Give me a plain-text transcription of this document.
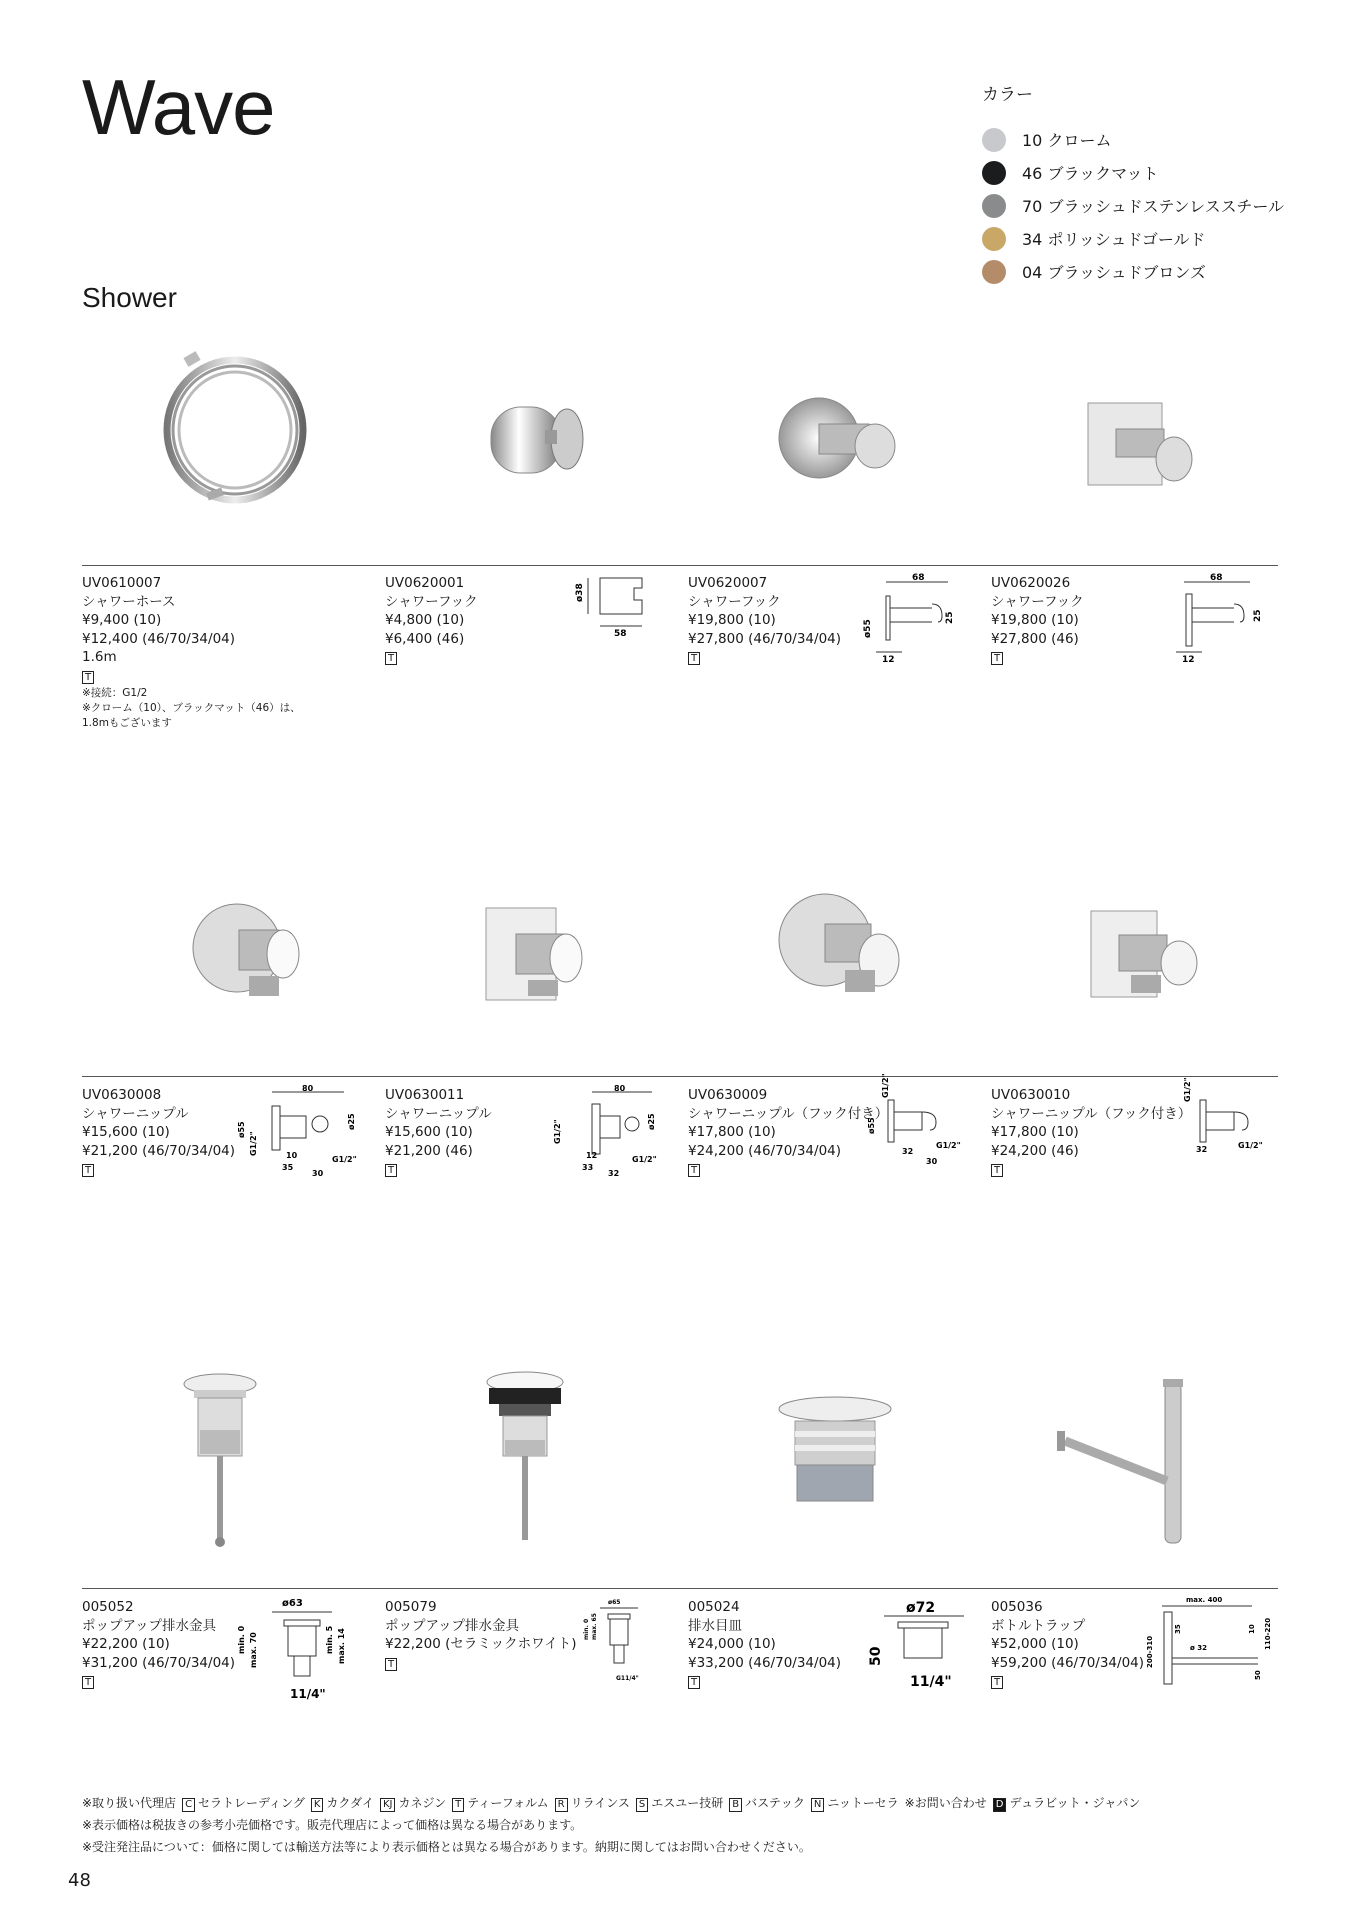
Wave
Shower
カラー
10 クローム
46 ブラックマット
70 ブラッシュドステンレススチール
34 ポリッシュドゴールド
04 ブラッシュドブロンズ
UV0610007
シャワーホース
¥9,400 (10)
¥12,400 (46/70/34/04)
1.6m
T
※接続：G1/2
※クローム（10）、ブラックマット（46）は、
1.8mもございます
UV0620001
シャワーフック
¥4,800 (10)
¥6,400 (46)
T
UV0620007
シャワーフック
¥19,800 (10)
¥27,800 (46/70/34/04)
T
UV0620026
シャワーフック
¥19,800 (10)
¥27,800 (46)
T
UV0630008
シャワーニップル
¥15,600 (10)
¥21,200 (46/70/34/04)
T
UV0630011
シャワーニップル
¥15,600 (10)
¥21,200 (46)
T
UV0630009
シャワーニップル（フック付き）
¥17,800 (10)
¥24,200 (46/70/34/04)
T
UV0630010
シャワーニップル（フック付き）
¥17,800 (10)
¥24,200 (46)
T
005052
ポップアップ排水金具
¥22,200 (10)
¥31,200 (46/70/34/04)
T
005079
ポップアップ排水金具
¥22,200 (セラミックホワイト)
T
005024
排水目皿
¥24,000 (10)
¥33,200 (46/70/34/04)
T
005036
ボトルトラップ
¥52,000 (10)
¥59,200 (46/70/34/04)
T
ø38
58
68
ø55
25
12
68
25
12
80
ø55	ø25
G1/2"	10
35
30
G1/2"
80
ø25
G1/2"
12
33
32
G1/2"
ø55
G1/2"
32
30
G1/2"
G1/2"
32	G1/2"
ø63
min. 0 max. 70	min. 5 max. 14
11/4"
ø65
min. 0 max. 65
G11/4"
ø72
50
11/4"
max. 400
200-310
35
ø 32
10 110-220
50
※取り扱い代理店 C セラトレーディング K カクダイ KJ カネジン T ティーフォルム R リラインス S エスユー技研 B バステック N ニットーセラ ※お問い合わせ D デュラビット・ジャパン
※表示価格は税抜きの参考小売価格です。販売代理店によって価格は異なる場合があります。
※受注発注品について：価格に関しては輸送方法等により表示価格とは異なる場合があります。納期に関してはお問い合わせください。
48
